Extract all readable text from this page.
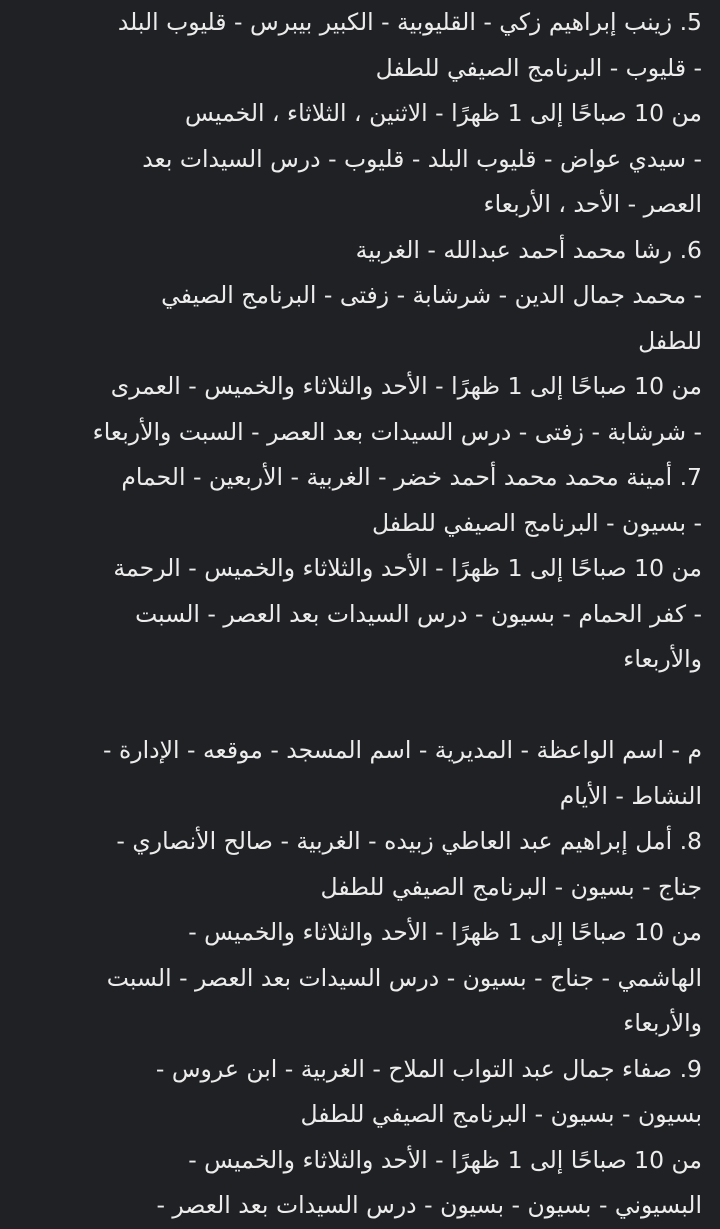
5. زينب إبراهيم زكي - القليوبية - الكبير بيبرس - قليوب البلد
- قليوب - البرنامج الصيفي للطفل
من 10 صباحًا إلى 1 ظهرًا - الاثنين ، الثلاثاء ، الخميس
- سيدي عواض - قليوب البلد - قليوب - درس السيدات بعد
العصر - الأحد ، الأربعاء
6. رشا محمد أحمد عبدالله - الغربية
- محمد جمال الدين - شرشابة - زفتى - البرنامج الصيفي
للطفل
من 10 صباحًا إلى 1 ظهرًا - الأحد والثلاثاء والخميس - العمرى
- شرشابة - زفتى - درس السيدات بعد العصر - السبت والأربعاء
7. أمينة محمد محمد أحمد خضر - الغربية - الأربعين - الحمام
- بسيون - البرنامج الصيفي للطفل
من 10 صباحًا إلى 1 ظهرًا - الأحد والثلاثاء والخميس - الرحمة
- كفر الحمام - بسيون - درس السيدات بعد العصر - السبت
والأربعاء
م - اسم الواعظة - المديرية - اسم المسجد - موقعه - الإدارة -
النشاط - الأيام
8. أمل إبراهيم عبد العاطي زبيده - الغربية - صالح الأنصاري -
جناج - بسيون - البرنامج الصيفي للطفل
من 10 صباحًا إلى 1 ظهرًا - الأحد والثلاثاء والخميس -
الهاشمي - جناج - بسيون - درس السيدات بعد العصر - السبت
والأربعاء
9. صفاء جمال عبد التواب الملاح - الغربية - ابن عروس -
بسيون - بسيون - البرنامج الصيفي للطفل
من 10 صباحًا إلى 1 ظهرًا - الأحد والثلاثاء والخميس -
البسيوني - بسيون - بسيون - درس السيدات بعد العصر -
